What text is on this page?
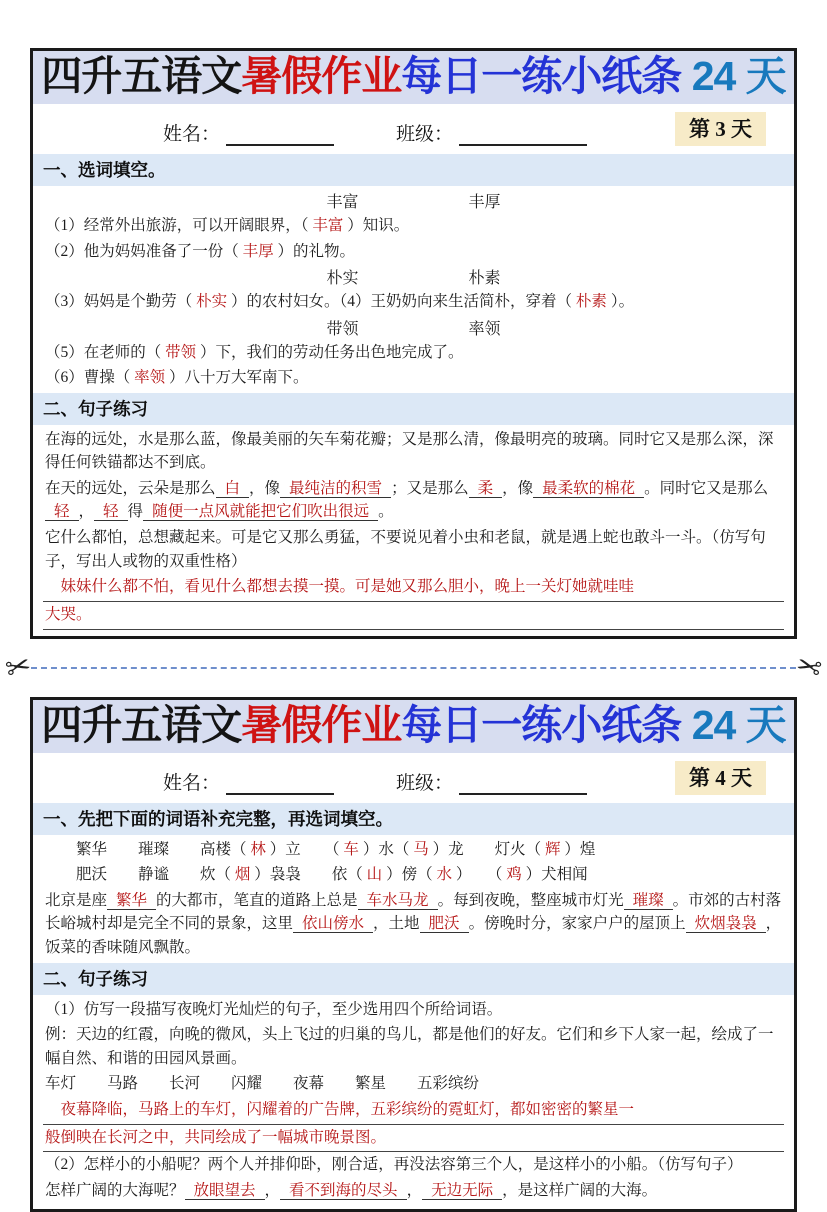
四升五语文暑假作业每日一练小纸条 24 天
姓名：	班级：	第 3 天
一、选词填空。
丰富	丰厚
（1）经常外出旅游，可以开阔眼界，（ 丰富 ）知识。
（2）他为妈妈准备了一份（ 丰厚 ）的礼物。
朴实	朴素
（3）妈妈是个勤劳（ 朴实 ）的农村妇女。（4）王奶奶向来生活简朴，穿着（ 朴素 ）。
带领	率领
（5）在老师的（ 带领 ）下，我们的劳动任务出色地完成了。
（6）曹操（ 率领 ）八十万大军南下。
二、句子练习
在海的远处，水是那么蓝，像最美丽的矢车菊花瓣；又是那么清，像最明亮的玻璃。同时它又是那么深，深得任何铁锚都达不到底。
在天的远处，云朵是那么 白 ，像 最纯洁的积雪 ；又是那么 柔 ，像 最柔软的棉花 。同时它又是那么轻 ， 轻 得 随便一点风就能把它们吹出很远 。
它什么都怕，总想藏起来。可是它又那么勇猛，不要说见着小虫和老鼠，就是遇上蛇也敢斗一斗。（仿写句子，写出人或物的双重性格）
　妹妹什么都不怕，看见什么都想去摸一摸。可是她又那么胆小，晚上一关灯她就哇哇
大哭。
✂	✂
四升五语文暑假作业每日一练小纸条 24 天
姓名：	班级：	第 4 天
一、先把下面的词语补充完整，再选词填空。
　　繁华　　璀璨　　高楼（ 林 ）立　　（ 车 ）水（ 马 ）龙　　灯火（ 辉 ）煌
　　肥沃　　静谧　　炊（ 烟 ）袅袅　　依（ 山 ）傍（ 水 ）　　（ 鸡 ）犬相闻
北京是座 繁华 的大都市，笔直的道路上总是 车水马龙 。每到夜晚，整座城市灯光 璀璨 。市郊的古村落长峪城村却是完全不同的景象，这里 依山傍水 ，土地 肥沃 。傍晚时分，家家户户的屋顶上 炊烟袅袅 ，饭菜的香味随风飘散。
二、句子练习
（1）仿写一段描写夜晚灯光灿烂的句子，至少选用四个所给词语。
例：天边的红霞，向晚的微风，头上飞过的归巢的鸟儿，都是他们的好友。它们和乡下人家一起，绘成了一幅自然、和谐的田园风景画。
车灯　　马路　　长河　　闪耀　　夜幕　　繁星　　五彩缤纷
　夜幕降临，马路上的车灯，闪耀着的广告牌，五彩缤纷的霓虹灯，都如密密的繁星一
般倒映在长河之中，共同绘成了一幅城市晚景图。
（2）怎样小的小船呢？两个人并排仰卧，刚合适，再没法容第三个人，是这样小的小船。（仿写句子）
怎样广阔的大海呢？ 放眼望去 ， 看不到海的尽头 ， 无边无际 ，是这样广阔的大海。
